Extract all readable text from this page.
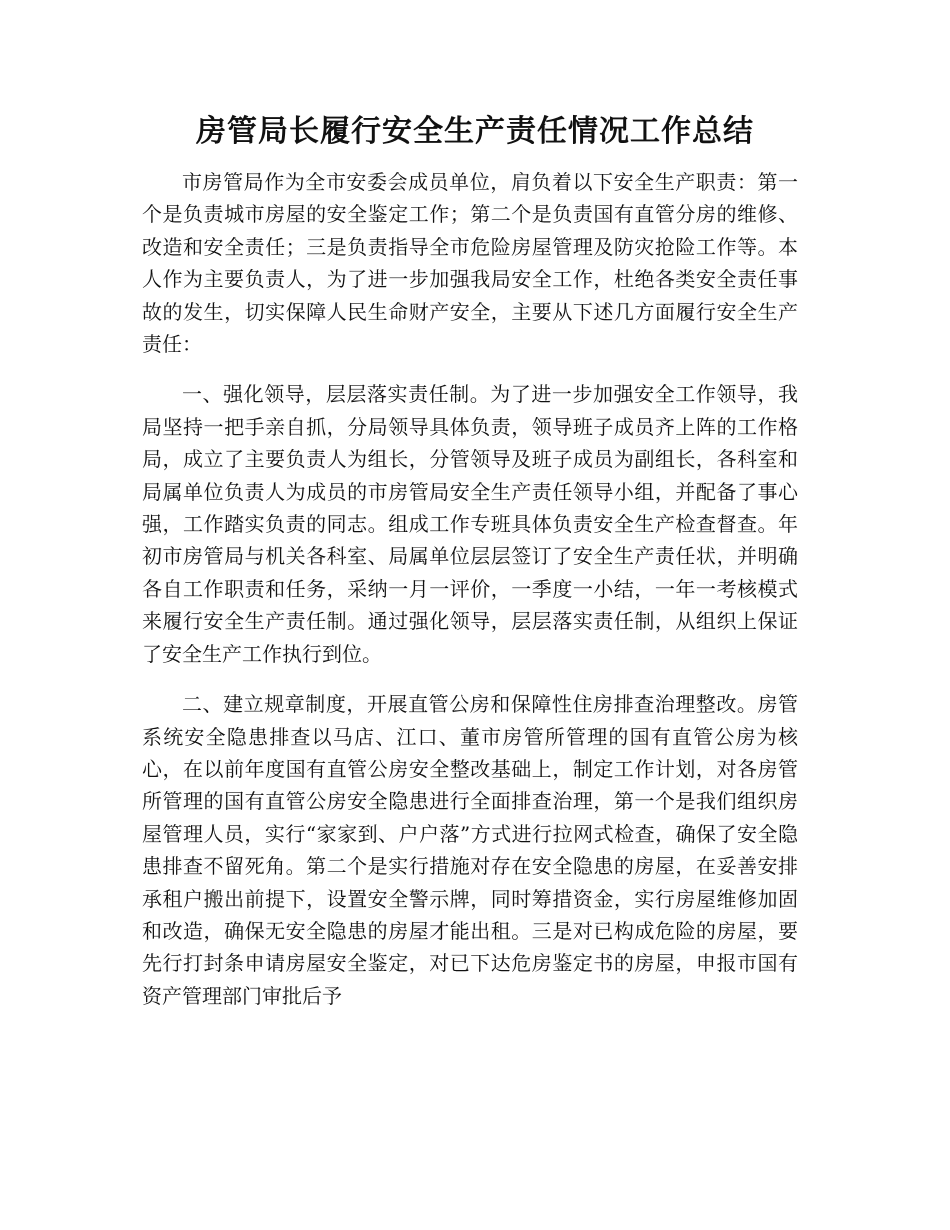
房管局长履行安全生产责任情况工作总结

市房管局作为全市安委会成员单位，肩负着以下安全生产职责：第一个是负责城市房屋的安全鉴定工作；第二个是负责国有直管分房的维修、改造和安全责任；三是负责指导全市危险房屋管理及防灾抢险工作等。本人作为主要负责人，为了进一步加强我局安全工作，杜绝各类安全责任事故的发生，切实保障人民生命财产安全，主要从下述几方面履行安全生产责任：

一、强化领导，层层落实责任制。为了进一步加强安全工作领导，我局坚持一把手亲自抓，分局领导具体负责，领导班子成员齐上阵的工作格局，成立了主要负责人为组长，分管领导及班子成员为副组长，各科室和局属单位负责人为成员的市房管局安全生产责任领导小组，并配备了事心强，工作踏实负责的同志。组成工作专班具体负责安全生产检查督查。年初市房管局与机关各科室、局属单位层层签订了安全生产责任状，并明确各自工作职责和任务，采纳一月一评价，一季度一小结，一年一考核模式来履行安全生产责任制。通过强化领导，层层落实责任制，从组织上保证了安全生产工作执行到位。

二、建立规章制度，开展直管公房和保障性住房排查治理整改。房管系统安全隐患排查以马店、江口、董市房管所管理的国有直管公房为核心，在以前年度国有直管公房安全整改基础上，制定工作计划，对各房管所管理的国有直管公房安全隐患进行全面排查治理，第一个是我们组织房屋管理人员，实行“家家到、户户落”方式进行拉网式检查，确保了安全隐患排查不留死角。第二个是实行措施对存在安全隐患的房屋，在妥善安排承租户搬出前提下，设置安全警示牌，同时筹措资金，实行房屋维修加固和改造，确保无安全隐患的房屋才能出租。三是对已构成危险的房屋，要先行打封条申请房屋安全鉴定，对已下达危房鉴定书的房屋，申报市国有资产管理部门审批后予
